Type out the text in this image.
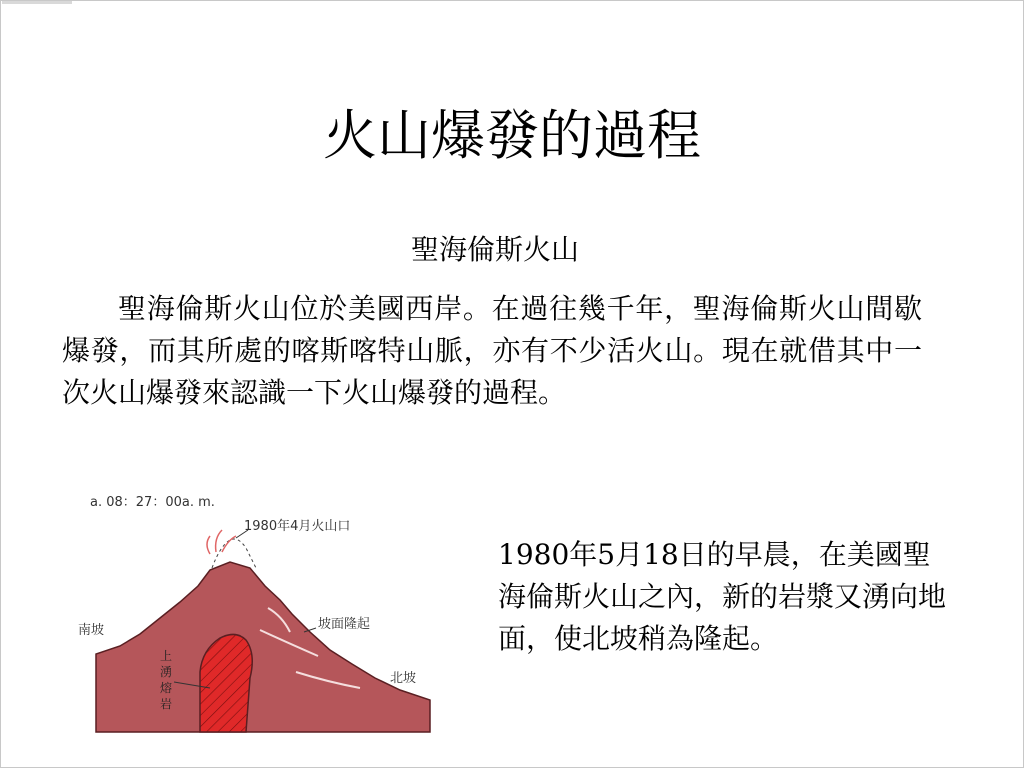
火山爆發的過程
聖海倫斯火山
聖海倫斯火山位於美國西岸。在過往幾千年，聖海倫斯火山間歇爆發，而其所處的喀斯喀特山脈，亦有不少活火山。現在就借其中一次火山爆發來認識一下火山爆發的過程。
a. 08：27：00a. m.
1980年4月火山口
南坡	坡面隆起
北坡
上
湧
熔
岩
1980年5月18日的早晨，在美國聖海倫斯火山之內，新的岩漿又湧向地面，使北坡稍為隆起。
